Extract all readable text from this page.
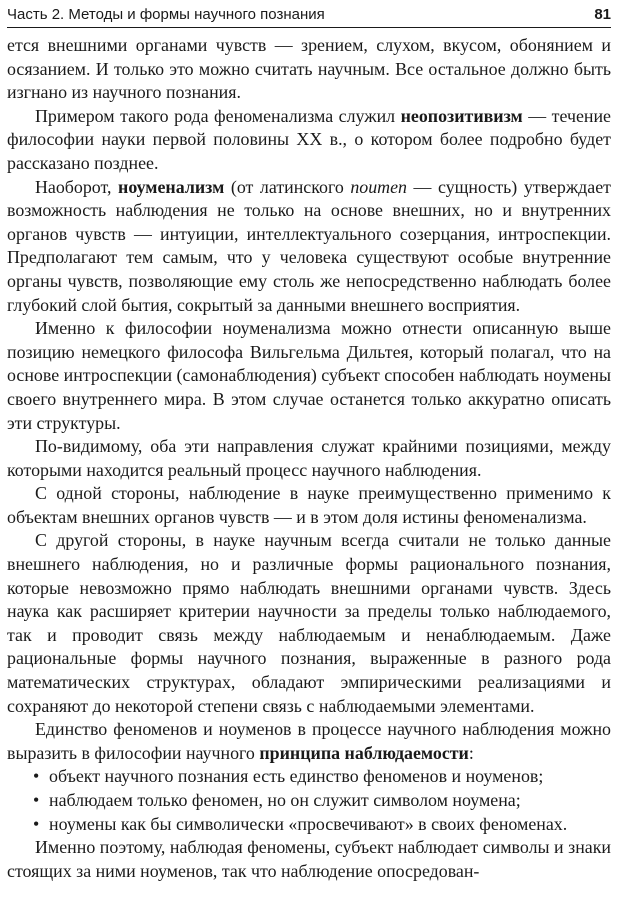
Часть 2. Методы и формы научного познания	81

ется внешними органами чувств — зрением, слухом, вкусом, обонянием и осязанием. И только это можно считать научным. Все остальное должно быть изгнано из научного познания.

Примером такого рода феноменализма служил неопозитивизм — течение философии науки первой половины XX в., о котором более подробно будет рассказано позднее.

Наоборот, ноуменализм (от латинского noumen — сущность) утверждает возможность наблюдения не только на основе внешних, но и внутренних органов чувств — интуиции, интеллектуального созерцания, интроспекции. Предполагают тем самым, что у человека существуют особые внутренние органы чувств, позволяющие ему столь же непосредственно наблюдать более глубокий слой бытия, сокрытый за данными внешнего восприятия.

Именно к философии ноуменализма можно отнести описанную выше позицию немецкого философа Вильгельма Дильтея, который полагал, что на основе интроспекции (самонаблюдения) субъект способен наблюдать ноумены своего внутреннего мира. В этом случае останется только аккуратно описать эти структуры.

По-видимому, оба эти направления служат крайними позициями, между которыми находится реальный процесс научного наблюдения.

С одной стороны, наблюдение в науке преимущественно применимо к объектам внешних органов чувств — и в этом доля истины феноменализма.

С другой стороны, в науке научным всегда считали не только данные внешнего наблюдения, но и различные формы рационального познания, которые невозможно прямо наблюдать внешними органами чувств. Здесь наука как расширяет критерии научности за пределы только наблюдаемого, так и проводит связь между наблюдаемым и ненаблюдаемым. Даже рациональные формы научного познания, выраженные в разного рода математических структурах, обладают эмпирическими реализациями и сохраняют до некоторой степени связь с наблюдаемыми элементами.

Единство феноменов и ноуменов в процессе научного наблюдения можно выразить в философии научного принципа наблюдаемости:

• объект научного познания есть единство феноменов и ноуменов;
• наблюдаем только феномен, но он служит символом ноумена;
• ноумены как бы символически «просвечивают» в своих феноменах.

Именно поэтому, наблюдая феномены, субъект наблюдает символы и знаки стоящих за ними ноуменов, так что наблюдение опосредован-
